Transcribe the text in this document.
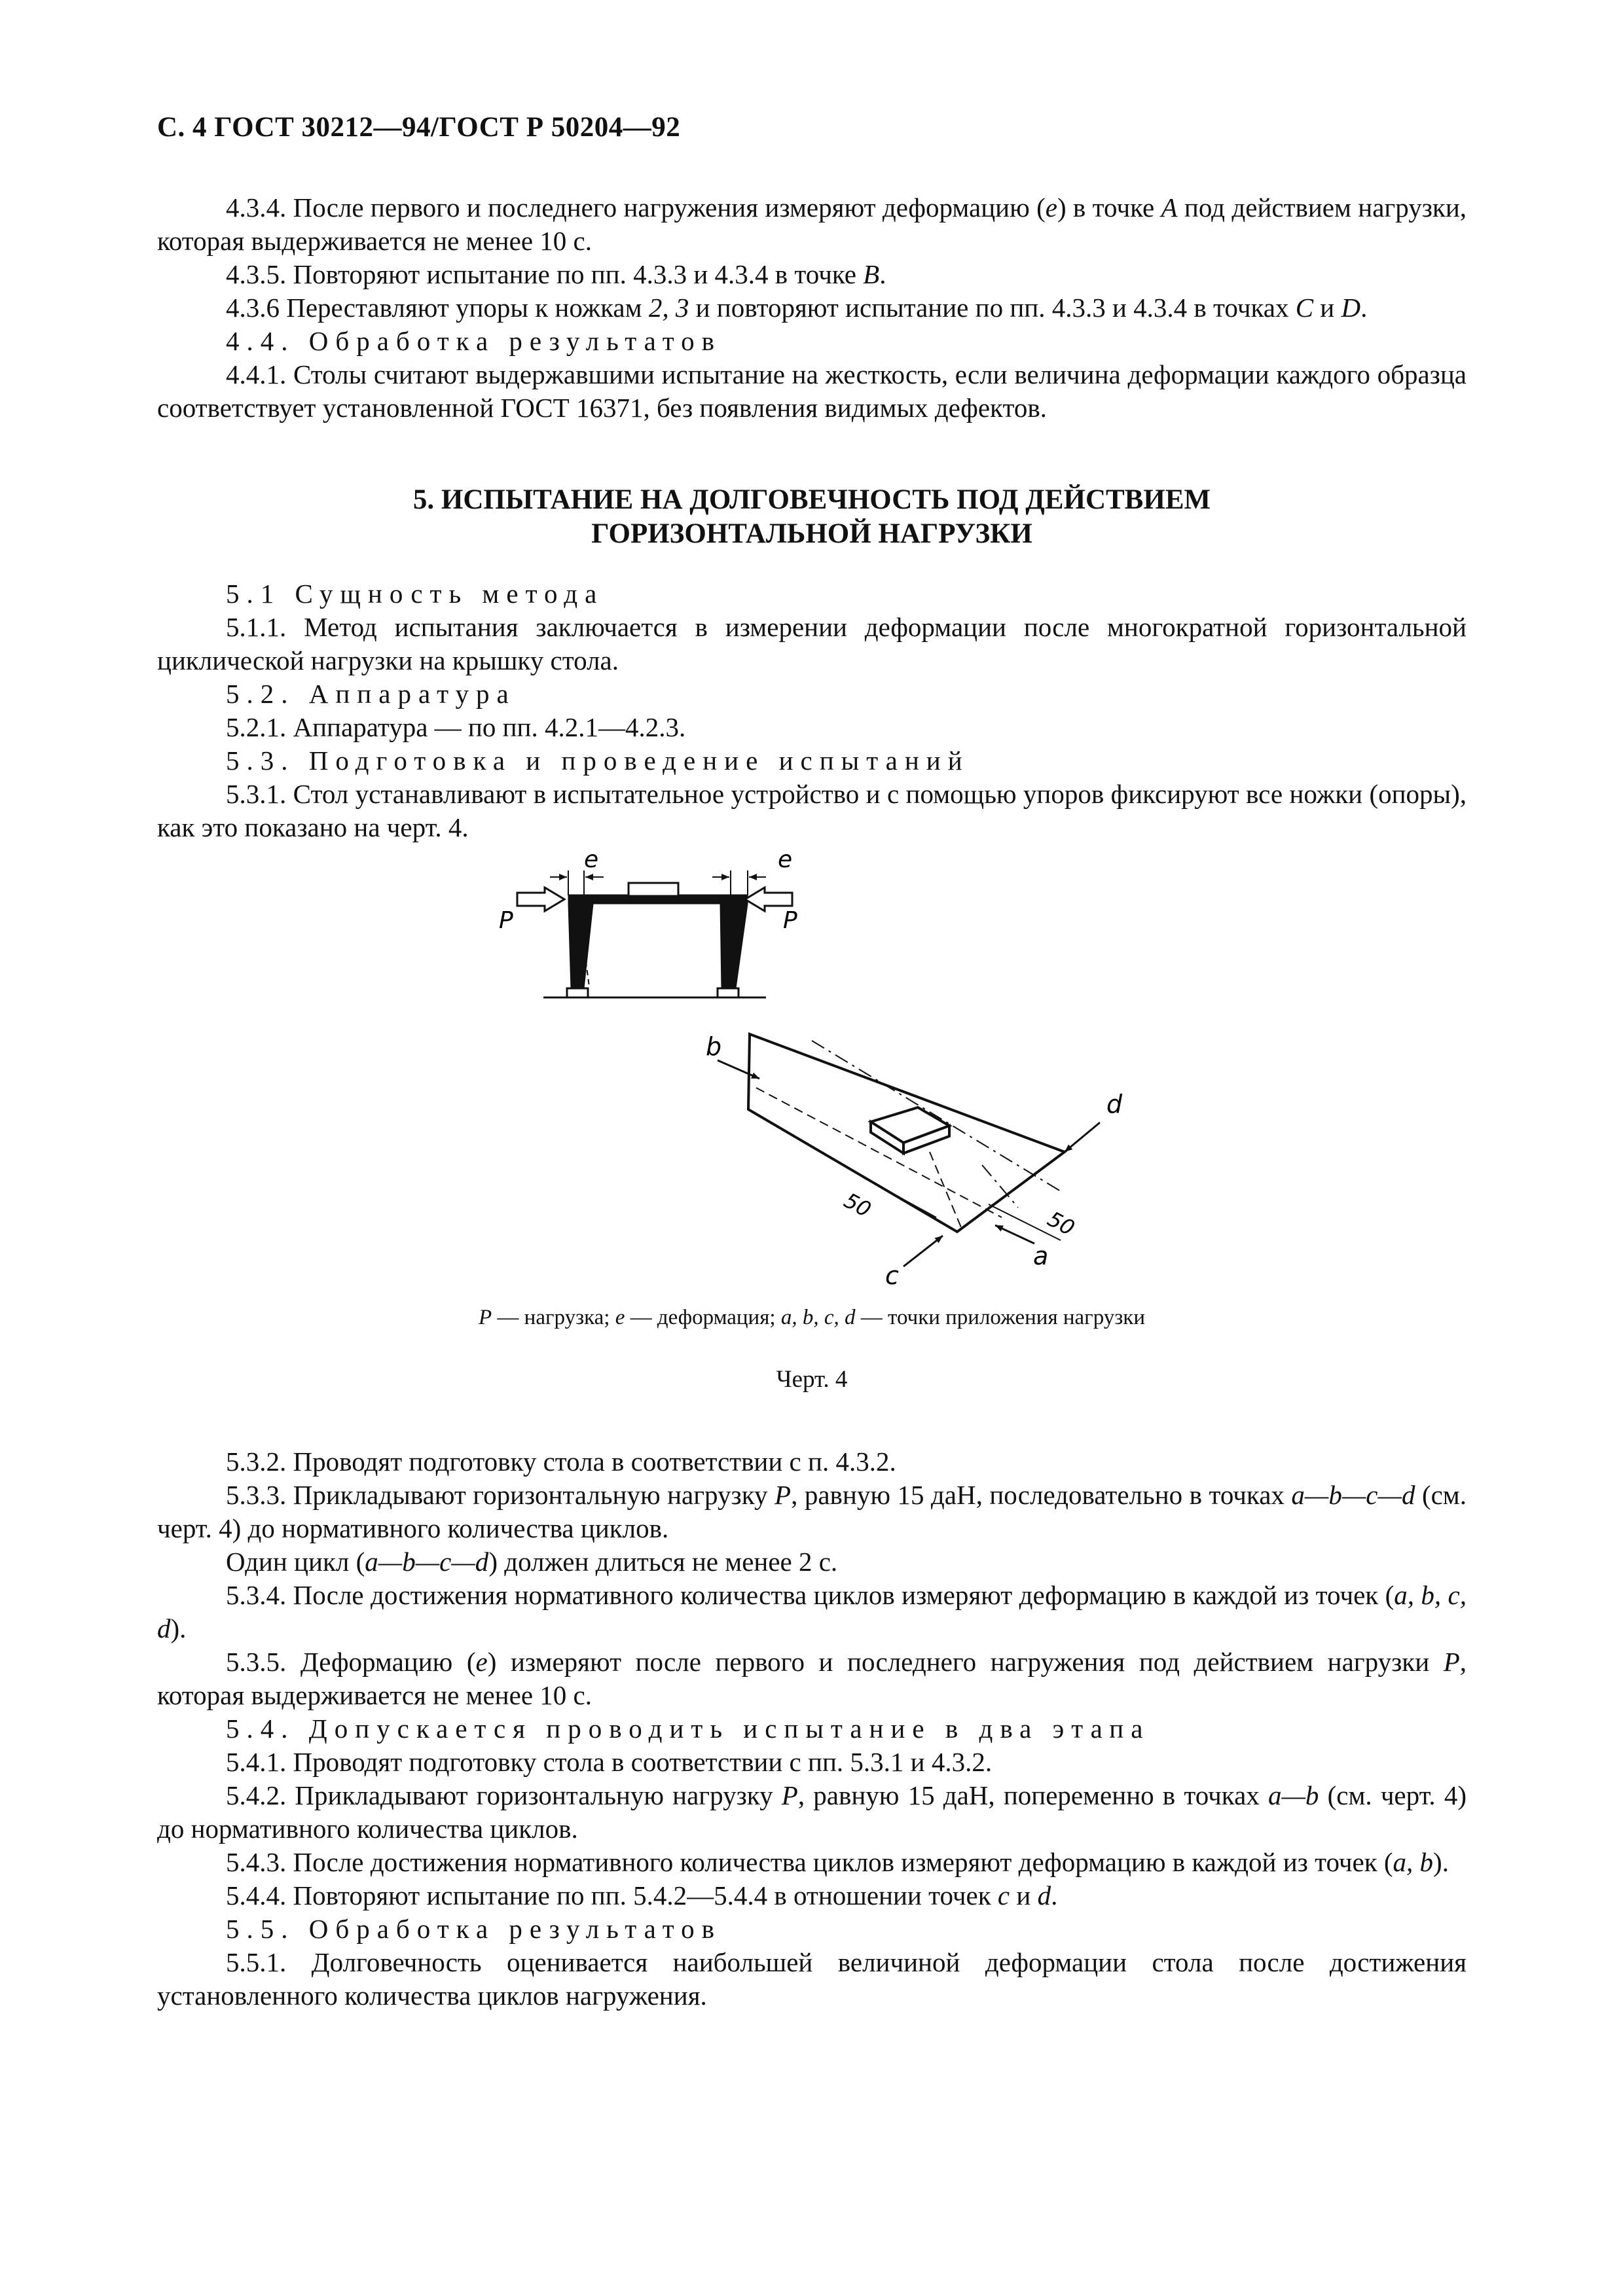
С. 4 ГОСТ 30212—94/ГОСТ Р 50204—92

4.3.4. После первого и последнего нагружения измеряют деформацию (e) в точке A под действием нагрузки, которая выдерживается не менее 10 с.

4.3.5. Повторяют испытание по пп. 4.3.3 и 4.3.4 в точке B.

4.3.6 Переставляют упоры к ножкам 2, 3 и повторяют испытание по пп. 4.3.3 и 4.3.4 в точках C и D.

4.4. Обработка результатов

4.4.1. Столы считают выдержавшими испытание на жесткость, если величина деформации каждого образца соответствует установленной ГОСТ 16371, без появления видимых дефектов.

5. ИСПЫТАНИЕ НА ДОЛГОВЕЧНОСТЬ ПОД ДЕЙСТВИЕМ
ГОРИЗОНТАЛЬНОЙ НАГРУЗКИ

5.1 Сущность метода

5.1.1. Метод испытания заключается в измерении деформации после многократной горизонтальной циклической нагрузки на крышку стола.

5.2. Аппаратура

5.2.1. Аппаратура — по пп. 4.2.1—4.2.3.

5.3. Подготовка и проведение испытаний

5.3.1. Стол устанавливают в испытательное устройство и с помощью упоров фиксируют все ножки (опоры), как это показано на черт. 4.

e	e
P	P
b
d
c
a
50
50
P — нагрузка; e — деформация; a, b, c, d — точки приложения нагрузки
Черт. 4

5.3.2. Проводят подготовку стола в соответствии с п. 4.3.2.

5.3.3. Прикладывают горизонтальную нагрузку P, равную 15 даН, последовательно в точках a—b—c—d (см. черт. 4) до нормативного количества циклов.

Один цикл (a—b—c—d) должен длиться не менее 2 с.

5.3.4. После достижения нормативного количества циклов измеряют деформацию в каждой из точек (a, b, c, d).

5.3.5. Деформацию (e) измеряют после первого и последнего нагружения под действием нагрузки P, которая выдерживается не менее 10 с.

5.4. Допускается проводить испытание в два этапа

5.4.1. Проводят подготовку стола в соответствии с пп. 5.3.1 и 4.3.2.

5.4.2. Прикладывают горизонтальную нагрузку P, равную 15 даН, попеременно в точках a—b (см. черт. 4) до нормативного количества циклов.

5.4.3. После достижения нормативного количества циклов измеряют деформацию в каждой из точек (a, b).

5.4.4. Повторяют испытание по пп. 5.4.2—5.4.4 в отношении точек c и d.

5.5. Обработка результатов

5.5.1. Долговечность оценивается наибольшей величиной деформации стола после достижения установленного количества циклов нагружения.
